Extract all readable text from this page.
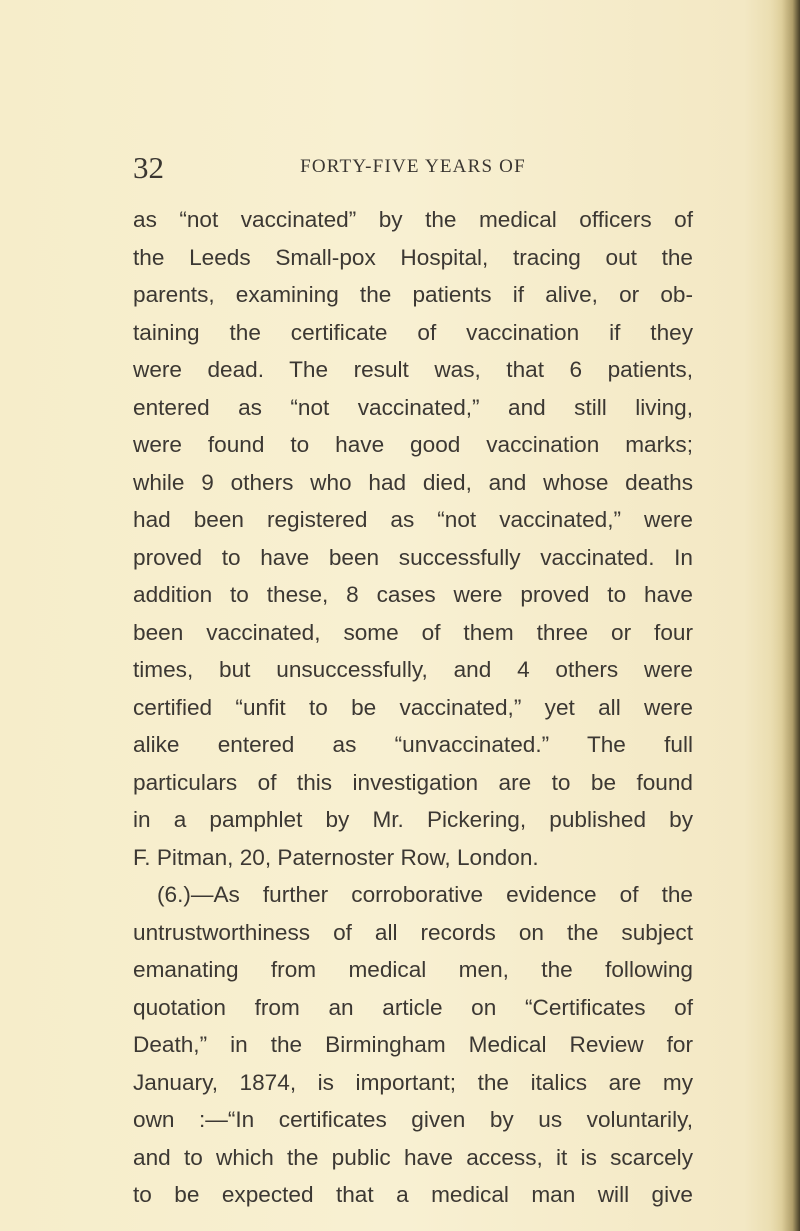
32	FORTY-FIVE YEARS OF
as “not vaccinated” by the medical officers of
the Leeds Small-pox Hospital, tracing out the
parents, examining the patients if alive, or ob-
taining the certificate of vaccination if they
were dead. The result was, that 6 patients,
entered as “not vaccinated,” and still living,
were found to have good vaccination marks;
while 9 others who had died, and whose deaths
had been registered as “not vaccinated,” were
proved to have been successfully vaccinated. In
addition to these, 8 cases were proved to have
been vaccinated, some of them three or four
times, but unsuccessfully, and 4 others were
certified “unfit to be vaccinated,” yet all were
alike entered as “unvaccinated.” The full
particulars of this investigation are to be found
in a pamphlet by Mr. Pickering, published by
F. Pitman, 20, Paternoster Row, London.
(6.)—As further corroborative evidence of the
untrustworthiness of all records on the subject
emanating from medical men, the following
quotation from an article on “Certificates of
Death,” in the Birmingham Medical Review for
January, 1874, is important; the italics are my
own :—“In certificates given by us voluntarily,
and to which the public have access, it is scarcely
to be expected that a medical man will give
